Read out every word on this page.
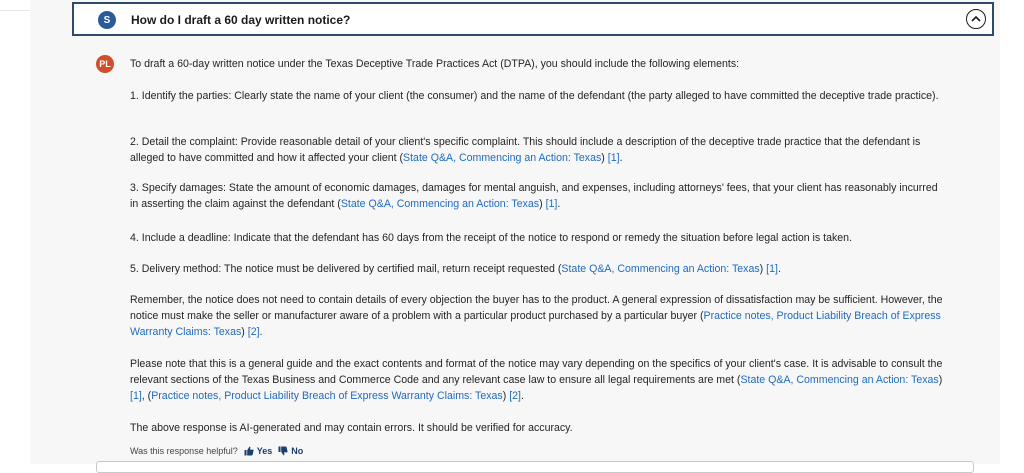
S	How do I draft a 60 day written notice?
PL	To draft a 60-day written notice under the Texas Deceptive Trade Practices Act (DTPA), you should include the following elements:

1. Identify the parties: Clearly state the name of your client (the consumer) and the name of the defendant (the party alleged to have committed the deceptive trade practice).

2. Detail the complaint: Provide reasonable detail of your client's specific complaint. This should include a description of the deceptive trade practice that the defendant is alleged to have committed and how it affected your client (State Q&A, Commencing an Action: Texas) [1].

3. Specify damages: State the amount of economic damages, damages for mental anguish, and expenses, including attorneys' fees, that your client has reasonably incurred in asserting the claim against the defendant (State Q&A, Commencing an Action: Texas) [1].

4. Include a deadline: Indicate that the defendant has 60 days from the receipt of the notice to respond or remedy the situation before legal action is taken.

5. Delivery method: The notice must be delivered by certified mail, return receipt requested (State Q&A, Commencing an Action: Texas) [1].

Remember, the notice does not need to contain details of every objection the buyer has to the product. A general expression of dissatisfaction may be sufficient. However, the notice must make the seller or manufacturer aware of a problem with a particular product purchased by a particular buyer (Practice notes, Product Liability Breach of Express Warranty Claims: Texas) [2].

Please note that this is a general guide and the exact contents and format of the notice may vary depending on the specifics of your client's case. It is advisable to consult the relevant sections of the Texas Business and Commerce Code and any relevant case law to ensure all legal requirements are met (State Q&A, Commencing an Action: Texas) [1], (Practice notes, Product Liability Breach of Express Warranty Claims: Texas) [2].

The above response is AI-generated and may contain errors. It should be verified for accuracy.

Was this response helpful? Yes No
